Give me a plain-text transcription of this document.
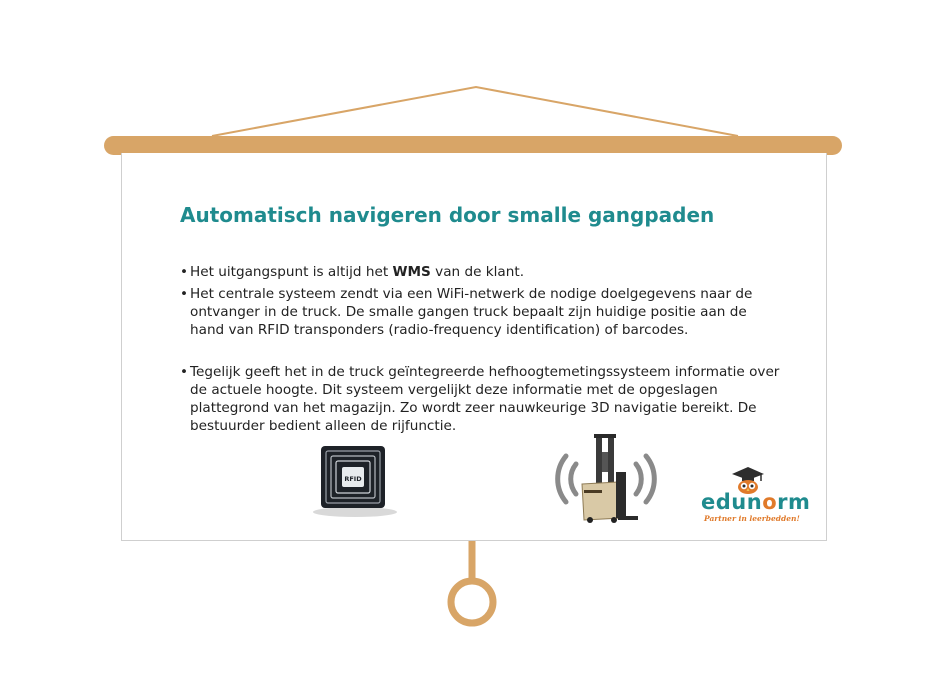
Automatisch navigeren door smalle gangpaden
• Het uitgangspunt is altijd het WMS van de klant.
• Het centrale systeem zendt via een WiFi-netwerk de nodige doelgegevens naar de ontvanger in de truck. De smalle gangen truck bepaalt zijn huidige positie aan de hand van RFID transponders (radio-frequency identification) of barcodes.
• Tegelijk geeft het in de truck geïntegreerde hefhoogtemetingssysteem informatie over de actuele hoogte. Dit systeem vergelijkt deze informatie met de opgeslagen plattegrond van het magazijn. Zo wordt zeer nauwkeurige 3D navigatie bereikt. De bestuurder bedient alleen de rijfunctie.
RFID
edunorm
Partner in leerbedden!
